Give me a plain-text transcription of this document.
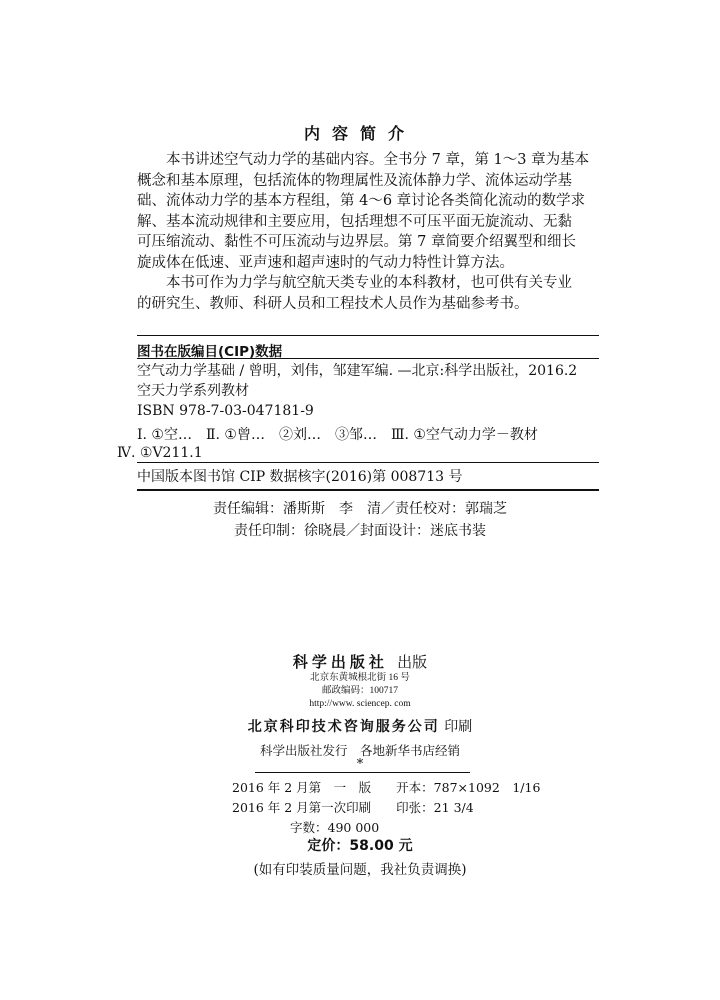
内容简介

本书讲述空气动力学的基础内容。全书分 7 章，第 1～3 章为基本
概念和基本原理，包括流体的物理属性及流体静力学、流体运动学基
础、流体动力学的基本方程组，第 4～6 章讨论各类简化流动的数学求
解、基本流动规律和主要应用，包括理想不可压平面无旋流动、无黏
可压缩流动、黏性不可压流动与边界层。第 7 章简要介绍翼型和细长
旋成体在低速、亚声速和超声速时的气动力特性计算方法。

本书可作为力学与航空航天类专业的本科教材，也可供有关专业
的研究生、教师、科研人员和工程技术人员作为基础参考书。

图书在版编目(CIP)数据
空气动力学基础 / 曾明，刘伟，邹建军编. —北京:科学出版社，2016.2
空天力学系列教材
ISBN 978-7-03-047181-9
Ⅰ. ①空…　Ⅱ. ①曾…　②刘…　③邹…　Ⅲ. ①空气动力学－教材
Ⅳ. ①V211.1
中国版本图书馆 CIP 数据核字(2016)第 008713 号
责任编辑：潘斯斯　李　清／责任校对：郭瑞芝
责任印制：徐晓晨／封面设计：迷底书装
科学出版社 出版
北京东黄城根北街 16 号
邮政编码：100717
http://www. sciencep. com
北京科印技术咨询服务公司 印刷
科学出版社发行　各地新华书店经销
*
2016 年 2 月第　一　版　　开本：787×1092　1/16
2016 年 2 月第一次印刷　　印张：21 3/4
字数：490 000
定价：58.00 元
(如有印装质量问题，我社负责调换)
